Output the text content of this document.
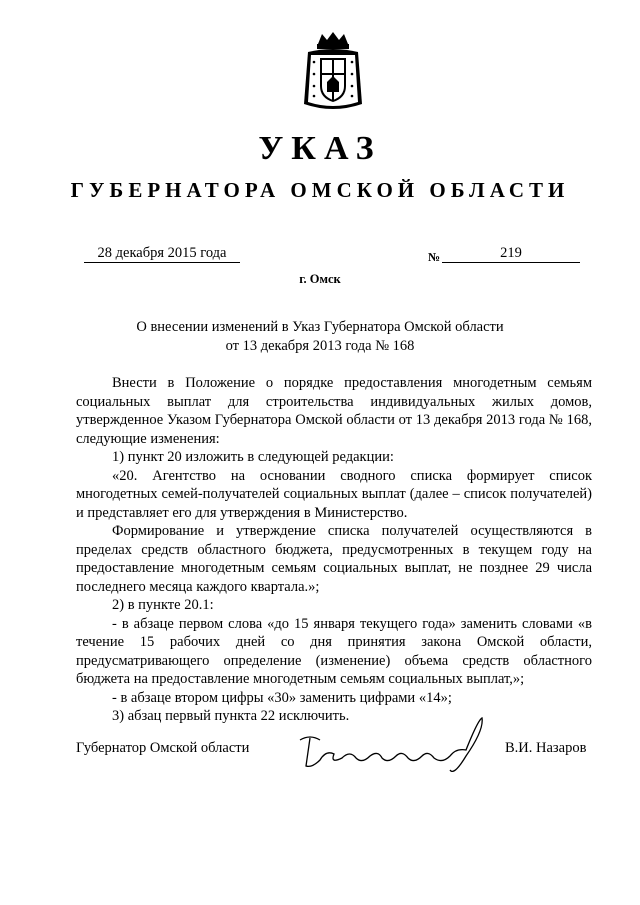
УКАЗ
ГУБЕРНАТОРА ОМСКОЙ ОБЛАСТИ
28 декабря 2015 года	№	219
г. Омск
О внесении изменений в Указ Губернатора Омской области
от 13 декабря 2013 года № 168

Внести в Положение о порядке предоставления многодетным семьям социальных выплат для строительства индивидуальных жилых домов, утвержденное Указом Губернатора Омской области от 13 декабря 2013 года № 168, следующие изменения:

1) пункт 20 изложить в следующей редакции:

«20. Агентство на основании сводного списка формирует список многодетных семей-получателей социальных выплат (далее – список получателей) и представляет его для утверждения в Министерство.

Формирование и утверждение списка получателей осуществляются в пределах средств областного бюджета, предусмотренных в текущем году на предоставление многодетным семьям социальных выплат, не позднее 29 числа последнего месяца каждого квартала.»;

2) в пункте 20.1:

- в абзаце первом слова «до 15 января текущего года» заменить словами «в течение 15 рабочих дней со дня принятия закона Омской области, предусматривающего определение (изменение) объема средств областного бюджета на предоставление многодетным семьям социальных выплат,»;

- в абзаце втором цифры «30» заменить цифрами «14»;

3) абзац первый пункта 22 исключить.

Губернатор Омской области	В.И. Назаров
